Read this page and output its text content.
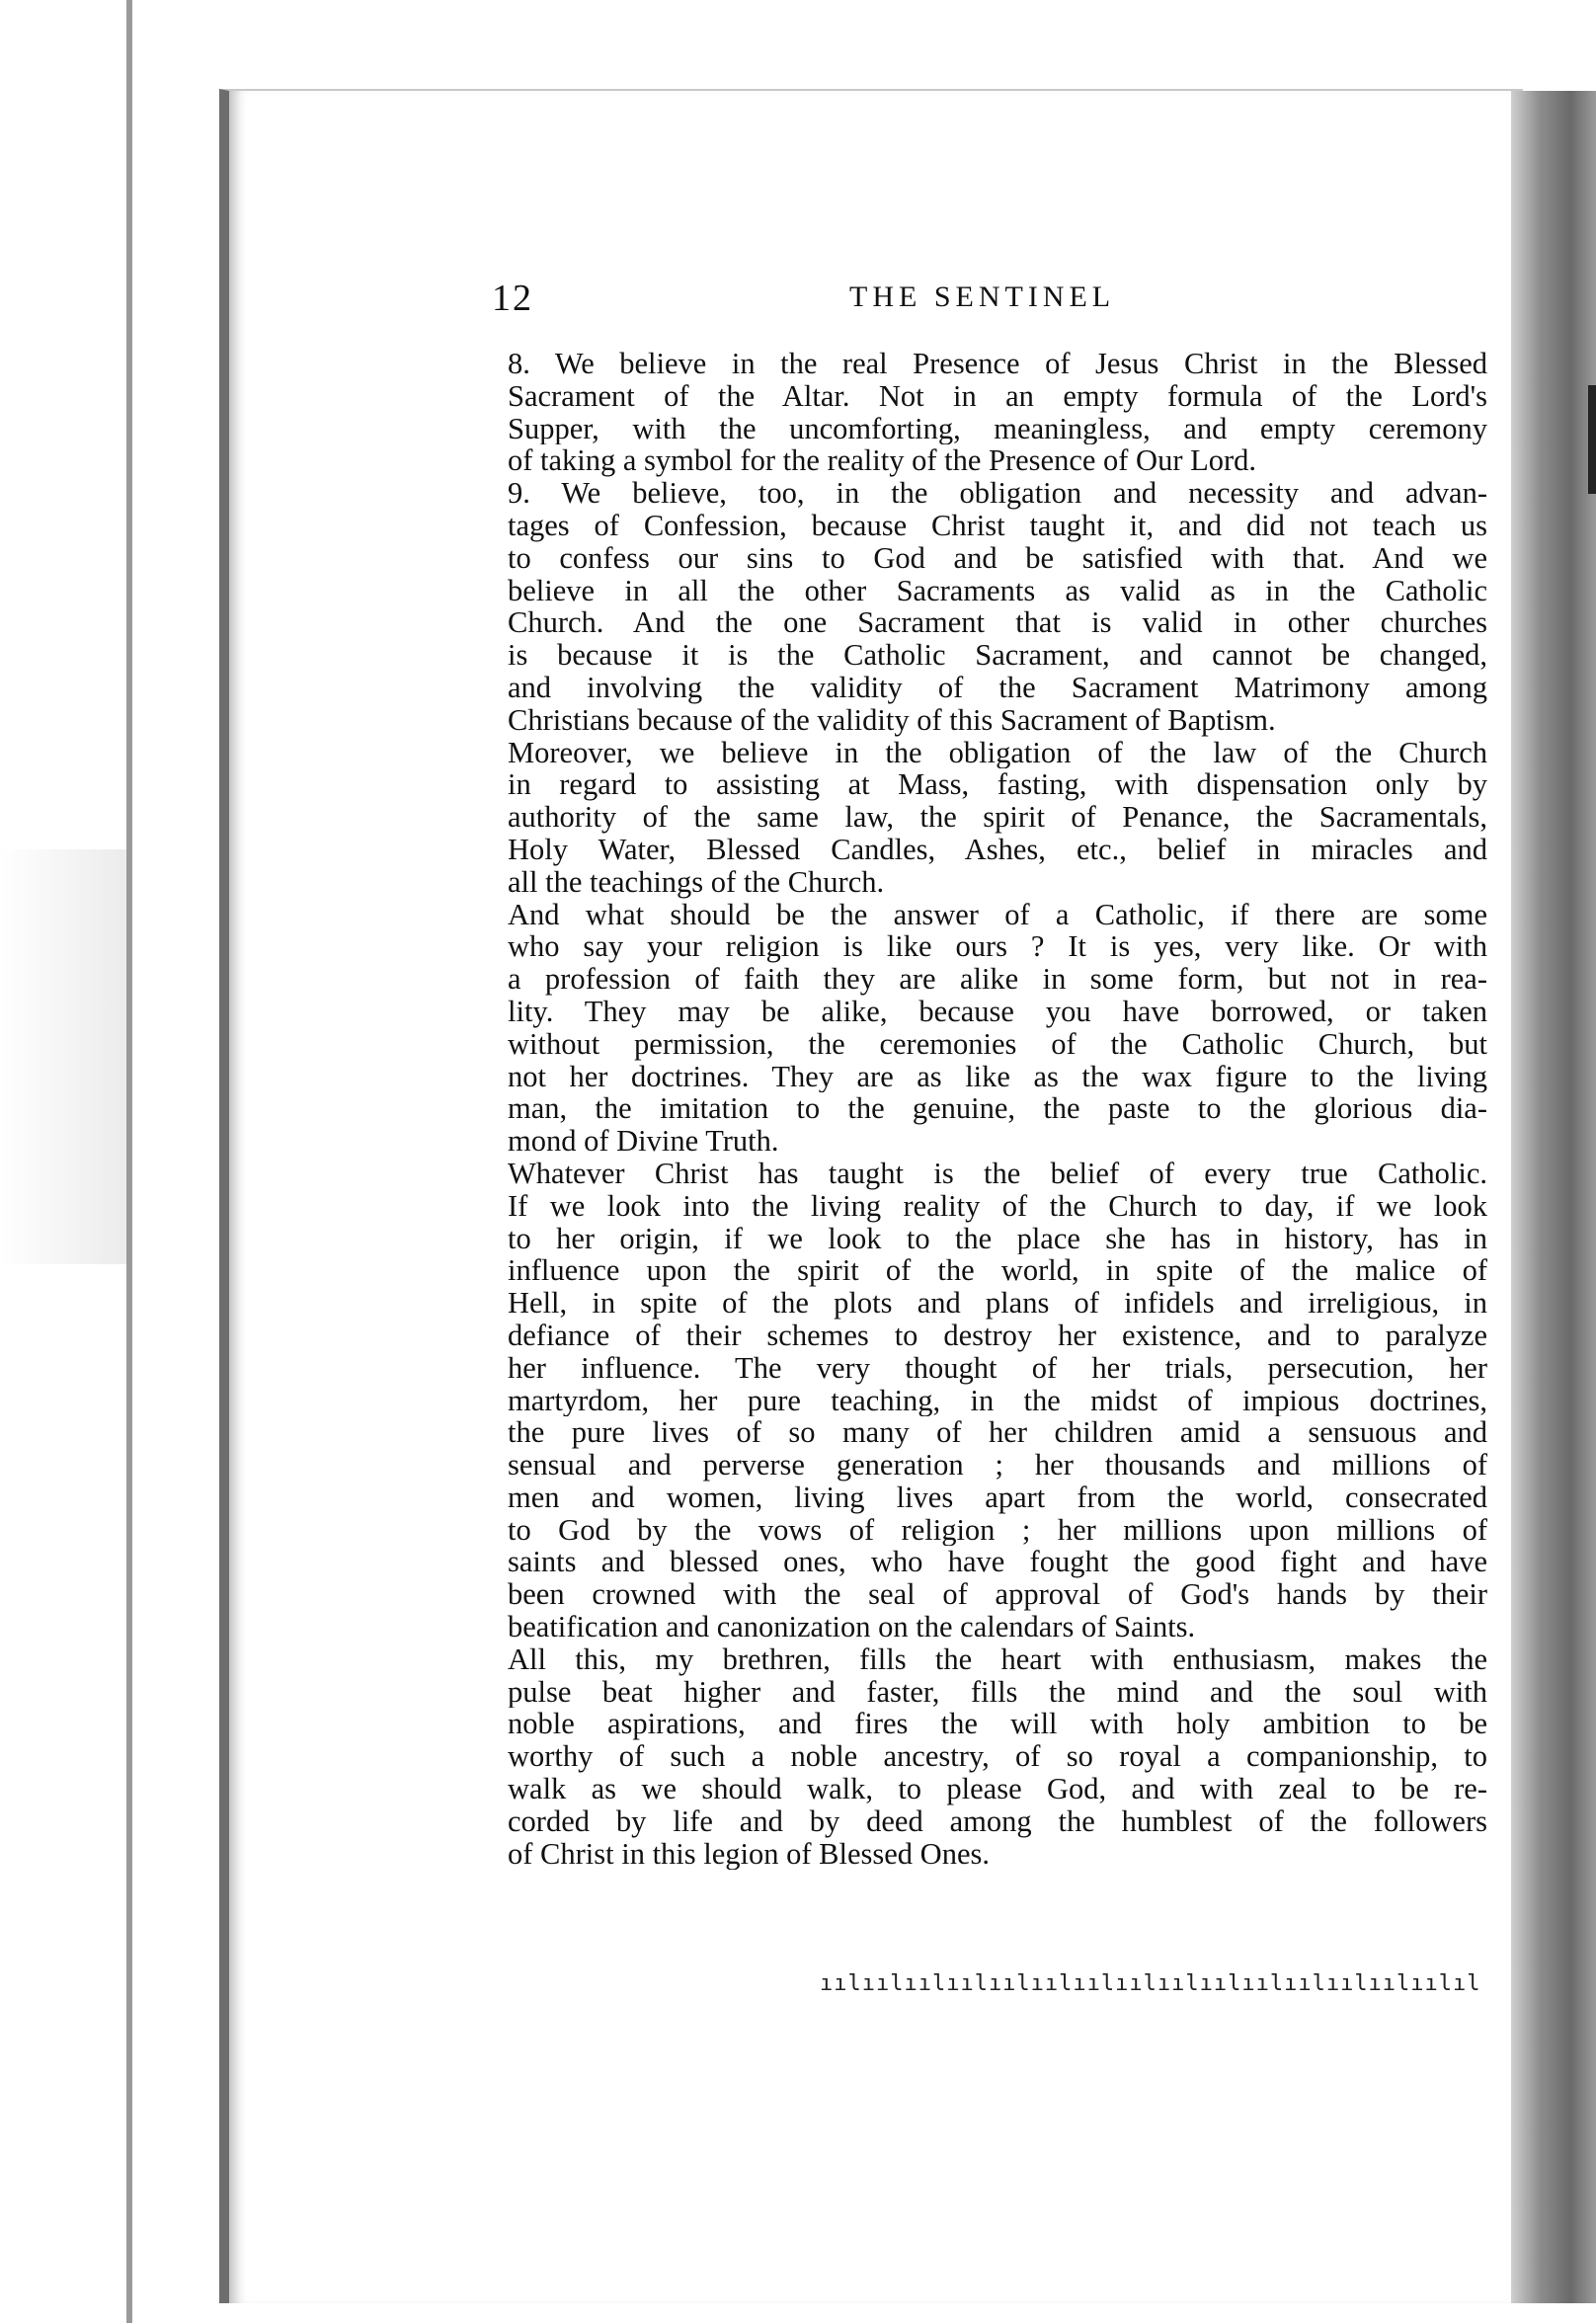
12	THE SENTINEL

8. We believe in the real Presence of Jesus Christ in the Blessed
Sacrament of the Altar. Not in an empty formula of the Lord's
Supper, with the uncomforting, meaningless, and empty ceremony
of taking a symbol for the reality of the Presence of Our Lord.

9. We believe, too, in the obligation and necessity and advan-
tages of Confession, because Christ taught it, and did not teach us
to confess our sins to God and be satisfied with that. And we
believe in all the other Sacraments as valid as in the Catholic
Church. And the one Sacrament that is valid in other churches
is because it is the Catholic Sacrament, and cannot be changed,
and involving the validity of the Sacrament Matrimony among
Christians because of the validity of this Sacrament of Baptism.

Moreover, we believe in the obligation of the law of the Church
in regard to assisting at Mass, fasting, with dispensation only by
authority of the same law, the spirit of Penance, the Sacramentals,
Holy Water, Blessed Candles, Ashes, etc., belief in miracles and
all the teachings of the Church.

And what should be the answer of a Catholic, if there are some
who say your religion is like ours ? It is yes, very like. Or with
a profession of faith they are alike in some form, but not in rea-
lity. They may be alike, because you have borrowed, or taken
without permission, the ceremonies of the Catholic Church, but
not her doctrines. They are as like as the wax figure to the living
man, the imitation to the genuine, the paste to the glorious dia-
mond of Divine Truth.

Whatever Christ has taught is the belief of every true Catholic.
If we look into the living reality of the Church to day, if we look
to her origin, if we look to the place she has in history, has in
influence upon the spirit of the world, in spite of the malice of
Hell, in spite of the plots and plans of infidels and irreligious, in
defiance of their schemes to destroy her existence, and to paralyze
her influence. The very thought of her trials, persecution, her
martyrdom, her pure teaching, in the midst of impious doctrines,
the pure lives of so many of her children amid a sensuous and
sensual and perverse generation ; her thousands and millions of
men and women, living lives apart from the world, consecrated
to God by the vows of religion ; her millions upon millions of
saints and blessed ones, who have fought the good fight and have
been crowned with the seal of approval of God's hands by their
beatification and canonization on the calendars of Saints.

All this, my brethren, fills the heart with enthusiasm, makes the
pulse beat higher and faster, fills the mind and the soul with
noble aspirations, and fires the will with holy ambition to be
worthy of such a noble ancestry, of so royal a companionship, to
walk as we should walk, to please God, and with zeal to be re-
corded by life and by deed among the humblest of the followers
of Christ in this legion of Blessed Ones.

ıılıılıılıılıılıılıılıılıılıılıılıılıılıılıılıl
